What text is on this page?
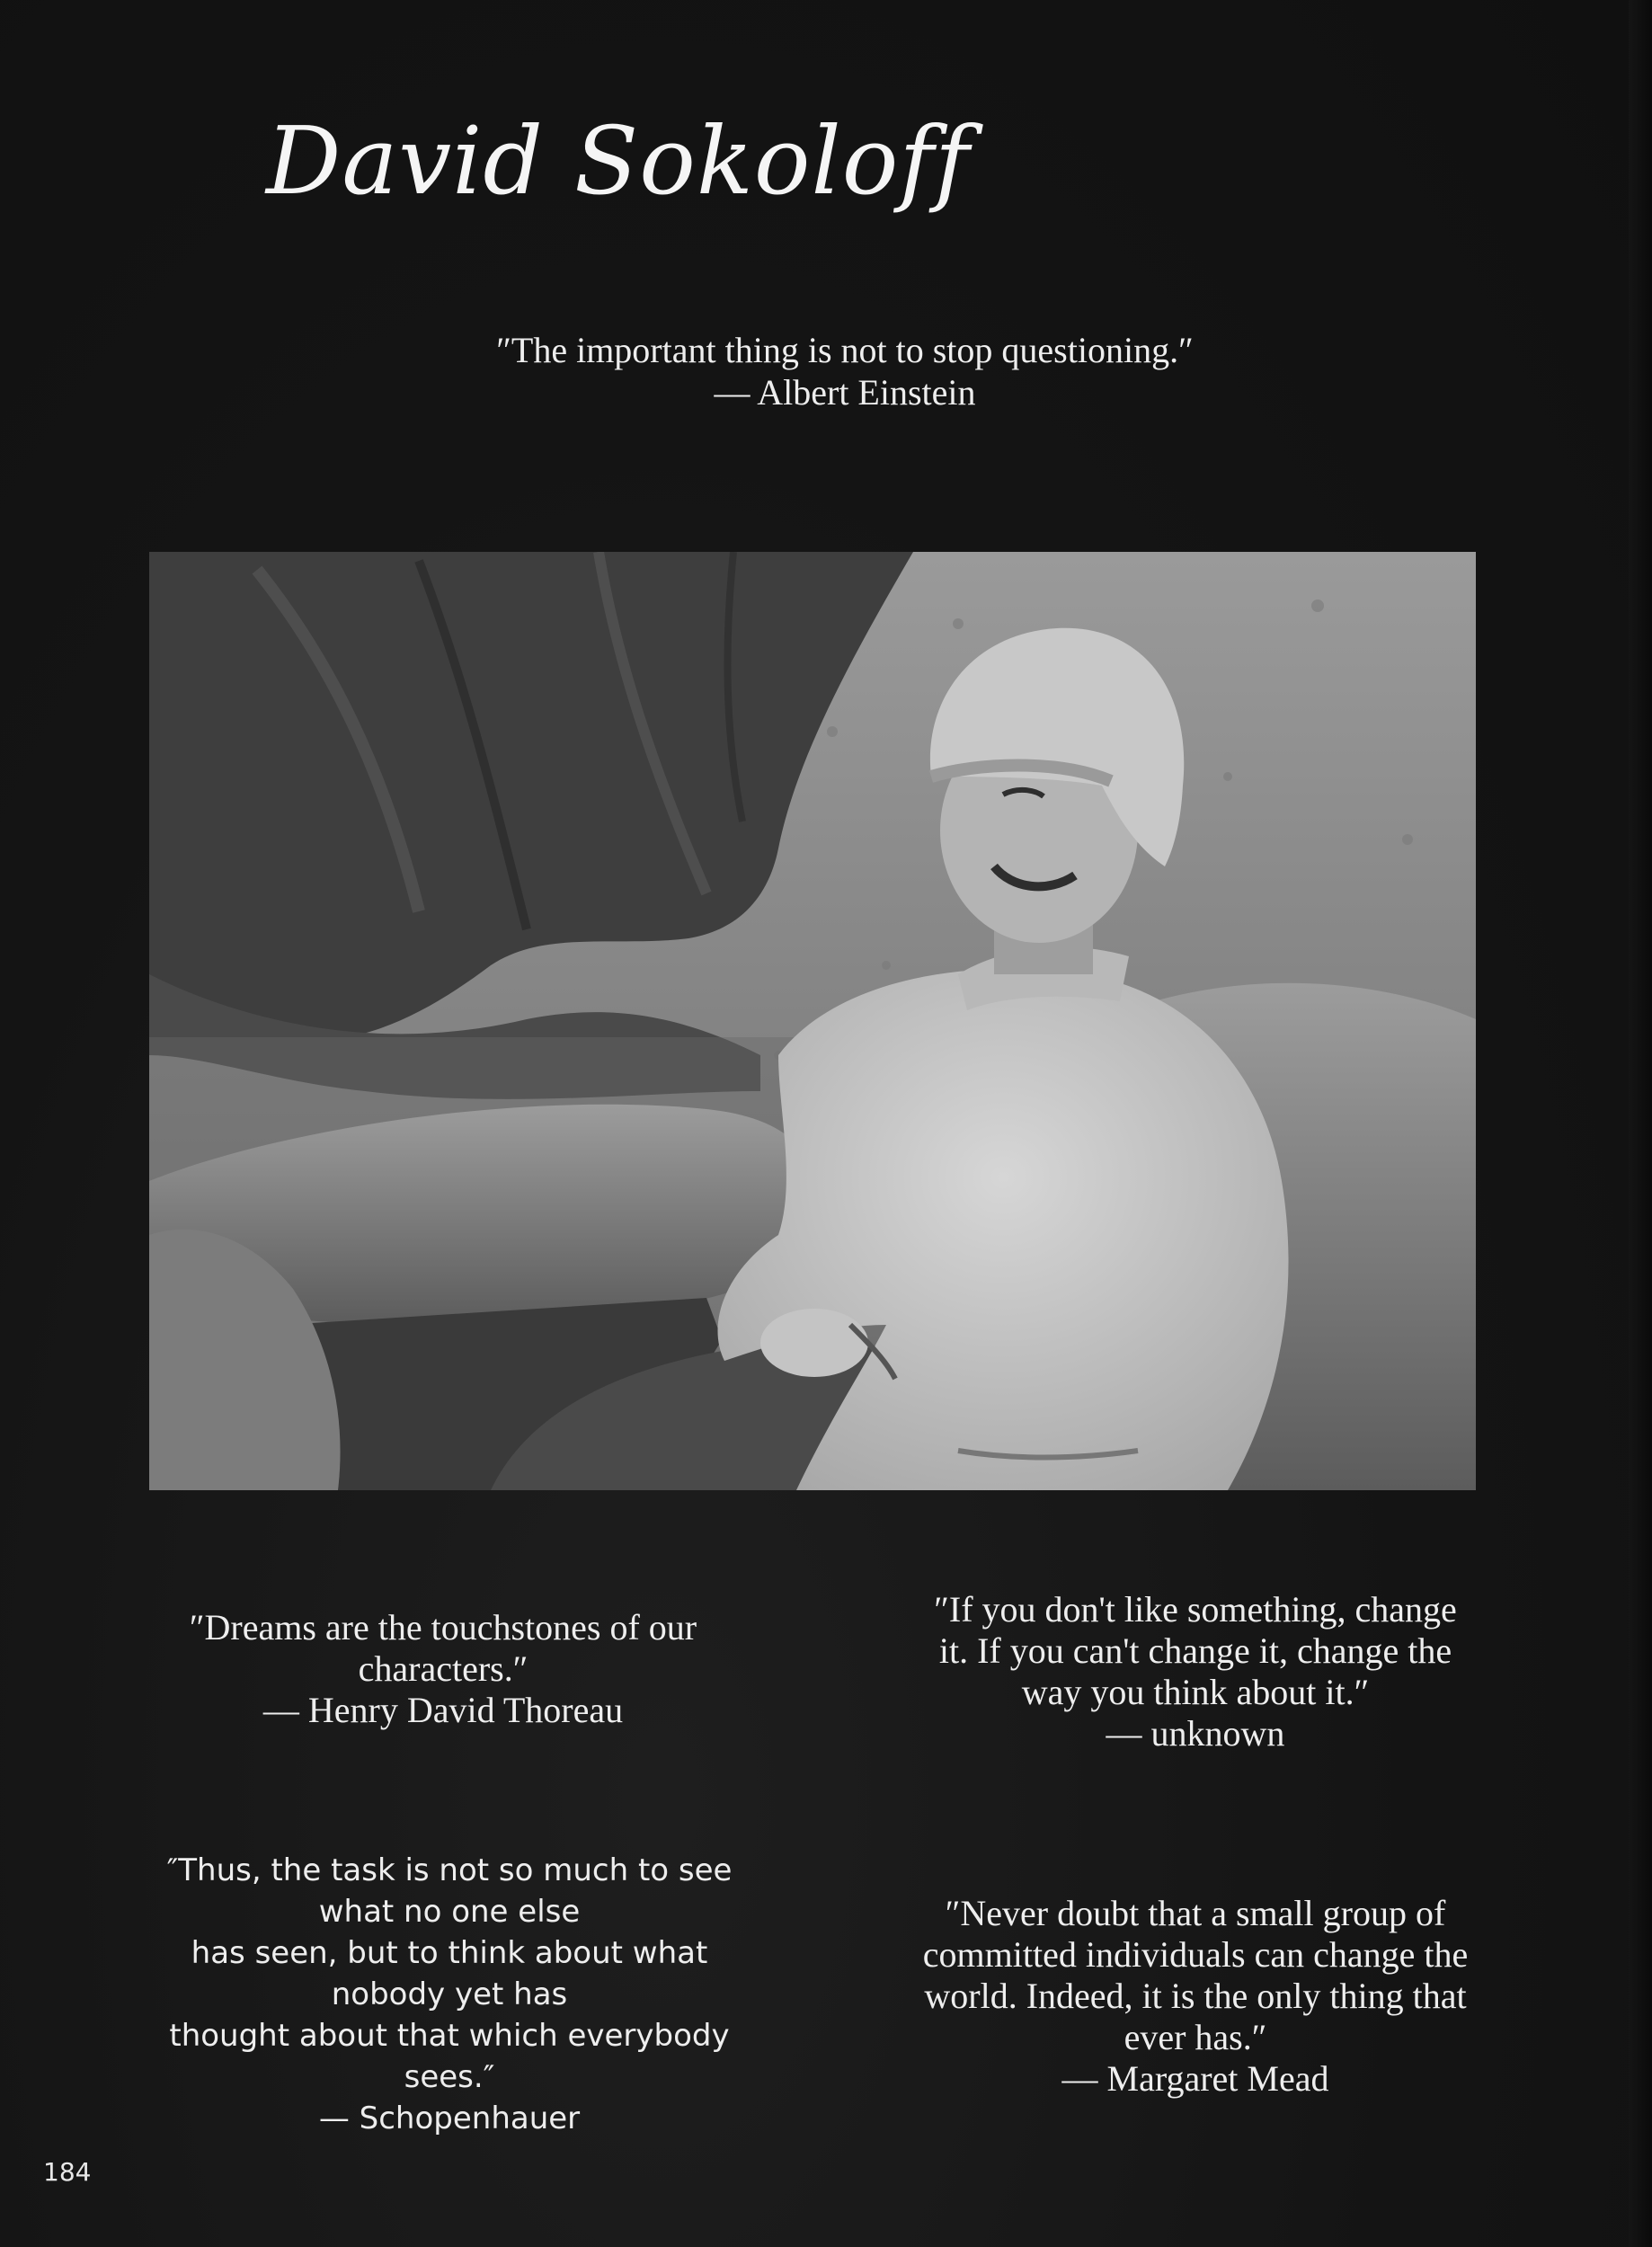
David Sokoloff
″The important thing is not to stop questioning.″
— Albert Einstein
″Dreams are the touchstones of our
characters.″
— Henry David Thoreau
″If you don't like something, change
it. If you can't change it, change the
way you think about it.″
— unknown
″Thus, the task is not so much to see
what no one else
has seen, but to think about what
nobody yet has
thought about that which everybody
sees.″
— Schopenhauer
″Never doubt that a small group of
committed individuals can change the
world. Indeed, it is the only thing that
ever has.″
— Margaret Mead
184
